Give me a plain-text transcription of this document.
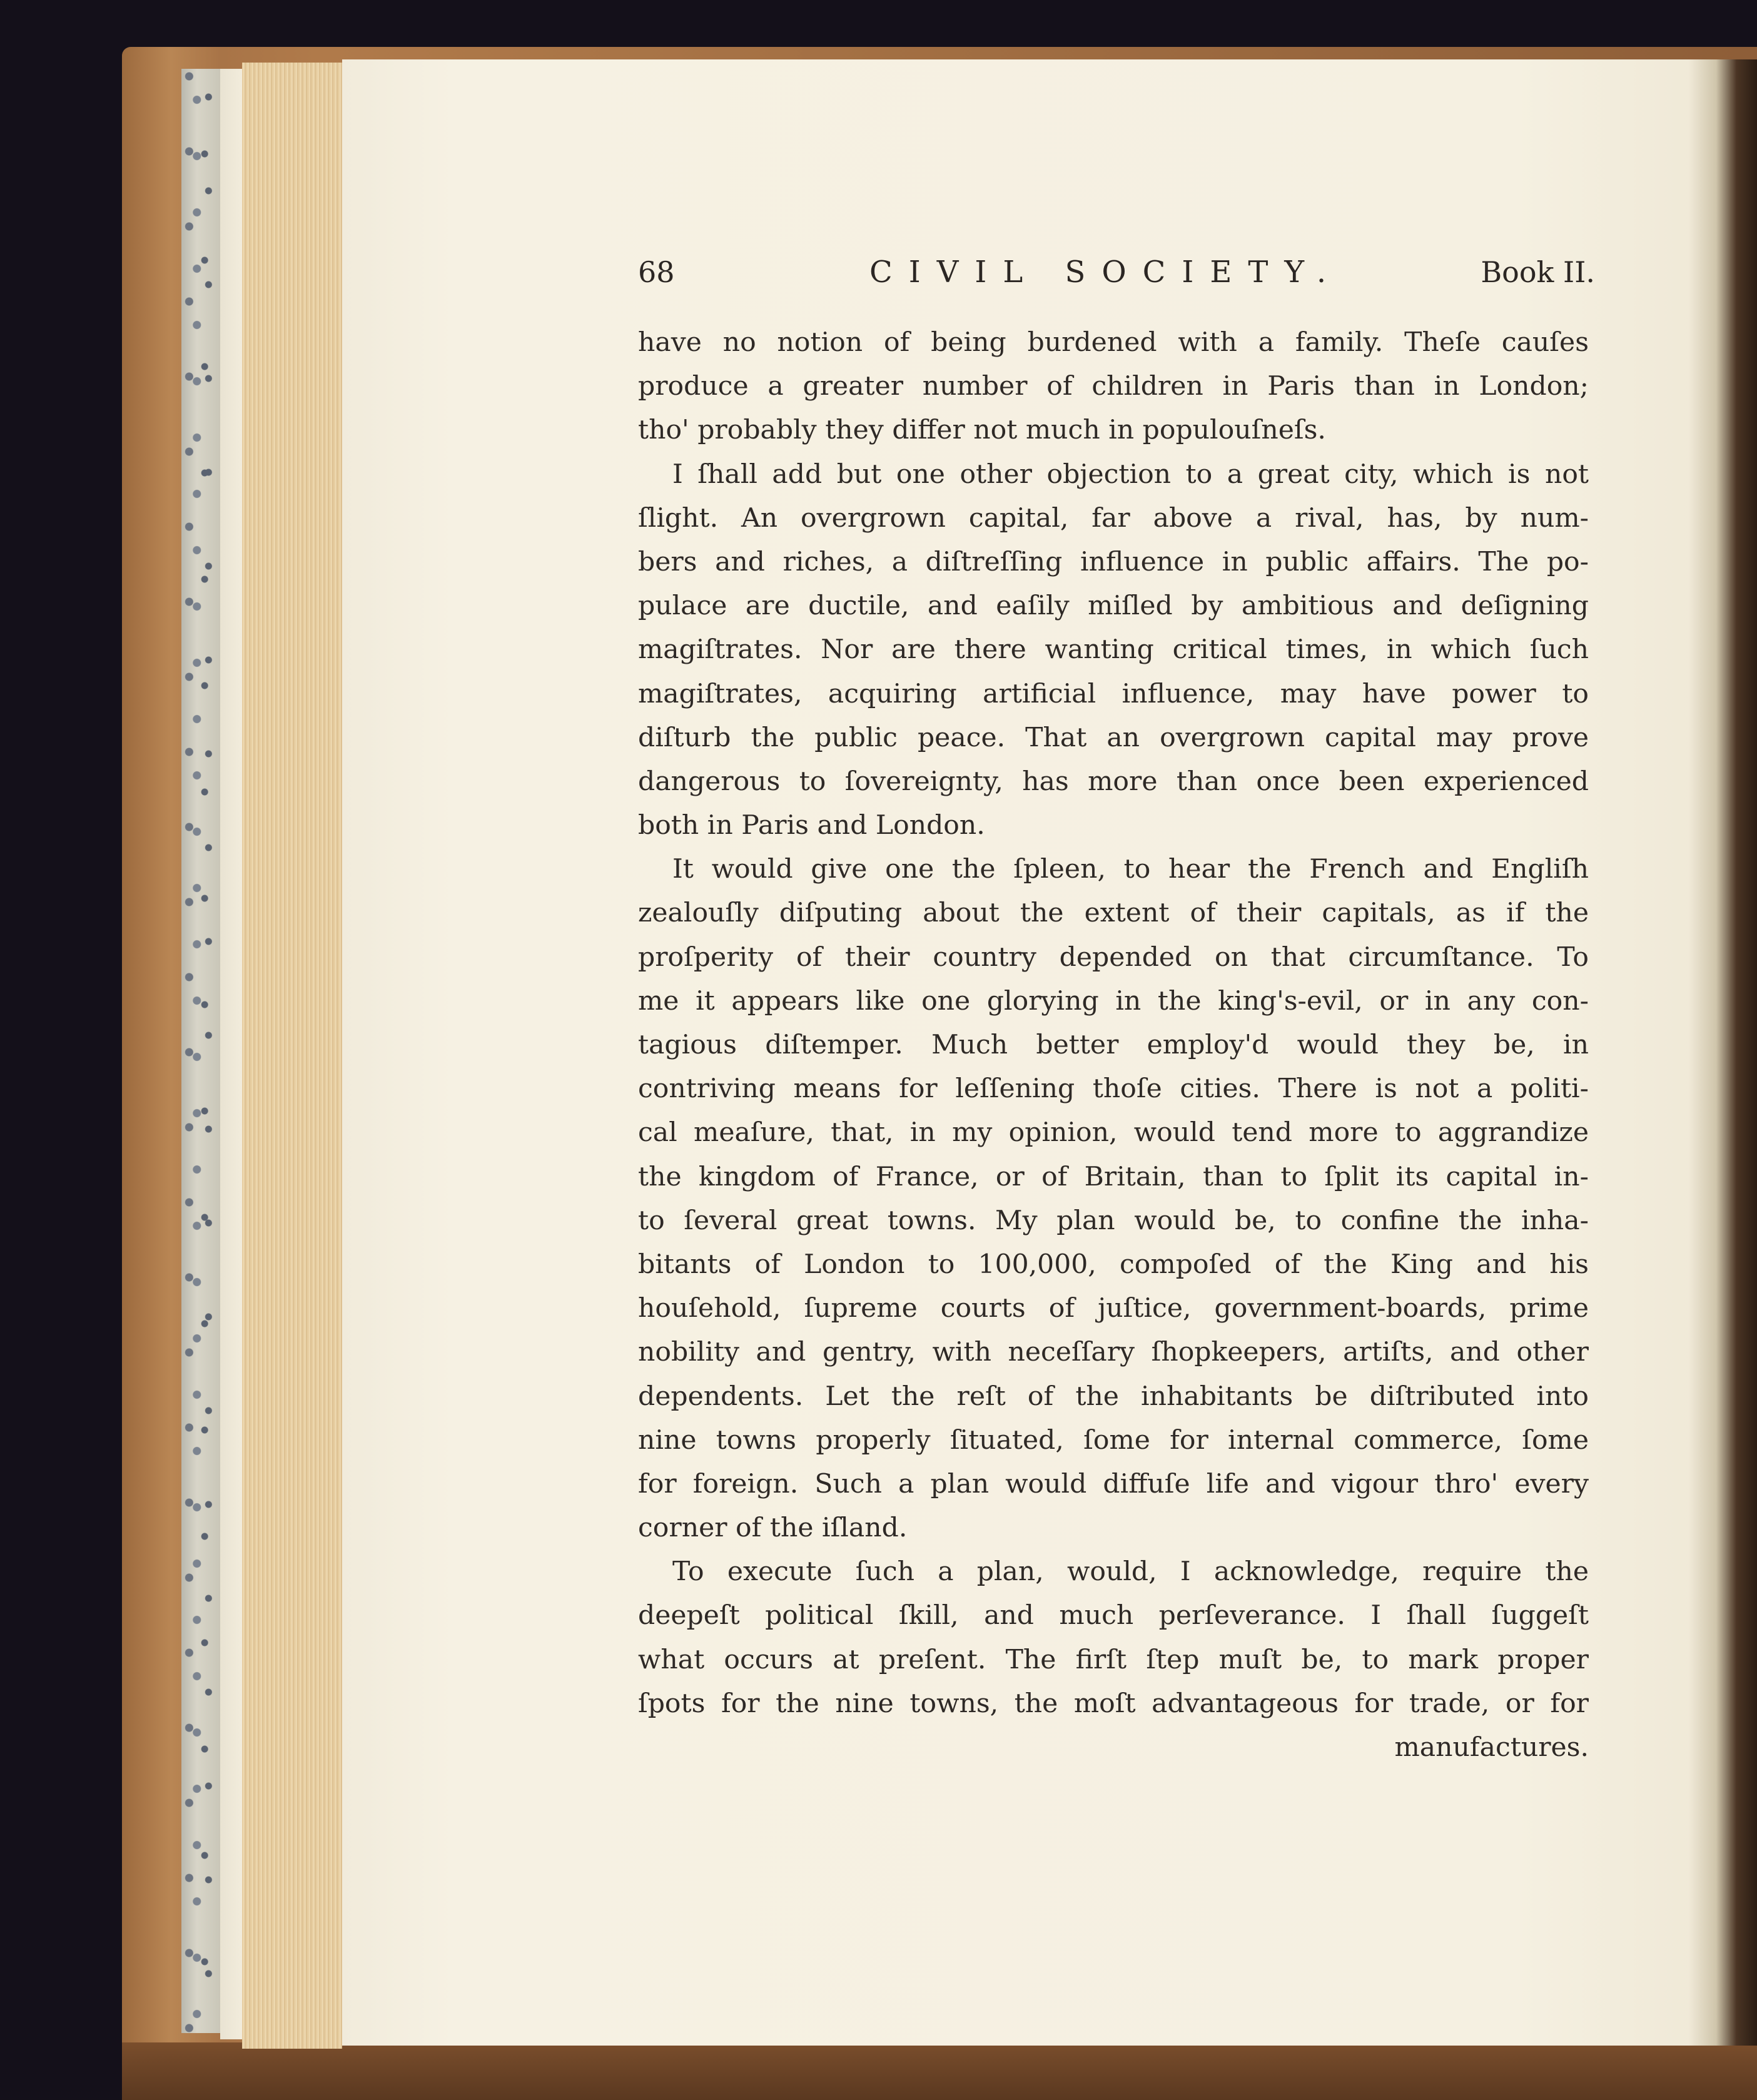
68	CIVIL SOCIETY.	Book II.
have no notion of being burdened with a family. Theſe cauſes
produce a greater number of children in Paris than in London;
tho' probably they differ not much in populouſneſs.
I ſhall add but one other objection to a great city, which is not
ſlight. An overgrown capital, far above a rival, has, by num-
bers and riches, a diſtreſſing influence in public affairs. The po-
pulace are ductile, and eaſily miſled by ambitious and deſigning
magiſtrates. Nor are there wanting critical times, in which ſuch
magiſtrates, acquiring artificial influence, may have power to
diſturb the public peace. That an overgrown capital may prove
dangerous to ſovereignty, has more than once been experienced
both in Paris and London.
It would give one the ſpleen, to hear the French and Engliſh
zealouſly diſputing about the extent of their capitals, as if the
proſperity of their country depended on that circumſtance. To
me it appears like one glorying in the king's-evil, or in any con-
tagious diſtemper. Much better employ'd would they be, in
contriving means for leſſening thoſe cities. There is not a politi-
cal meaſure, that, in my opinion, would tend more to aggrandize
the kingdom of France, or of Britain, than to ſplit its capital in-
to ſeveral great towns. My plan would be, to confine the inha-
bitants of London to 100,000, compoſed of the King and his
houſehold, ſupreme courts of juſtice, government-boards, prime
nobility and gentry, with neceſſary ſhopkeepers, artiſts, and other
dependents. Let the reſt of the inhabitants be diſtributed into
nine towns properly ſituated, ſome for internal commerce, ſome
for foreign. Such a plan would diffuſe life and vigour thro' every
corner of the iſland.
To execute ſuch a plan, would, I acknowledge, require the
deepeſt political ſkill, and much perſeverance. I ſhall ſuggeſt
what occurs at preſent. The firſt ſtep muſt be, to mark proper
ſpots for the nine towns, the moſt advantageous for trade, or for
manufactures.
